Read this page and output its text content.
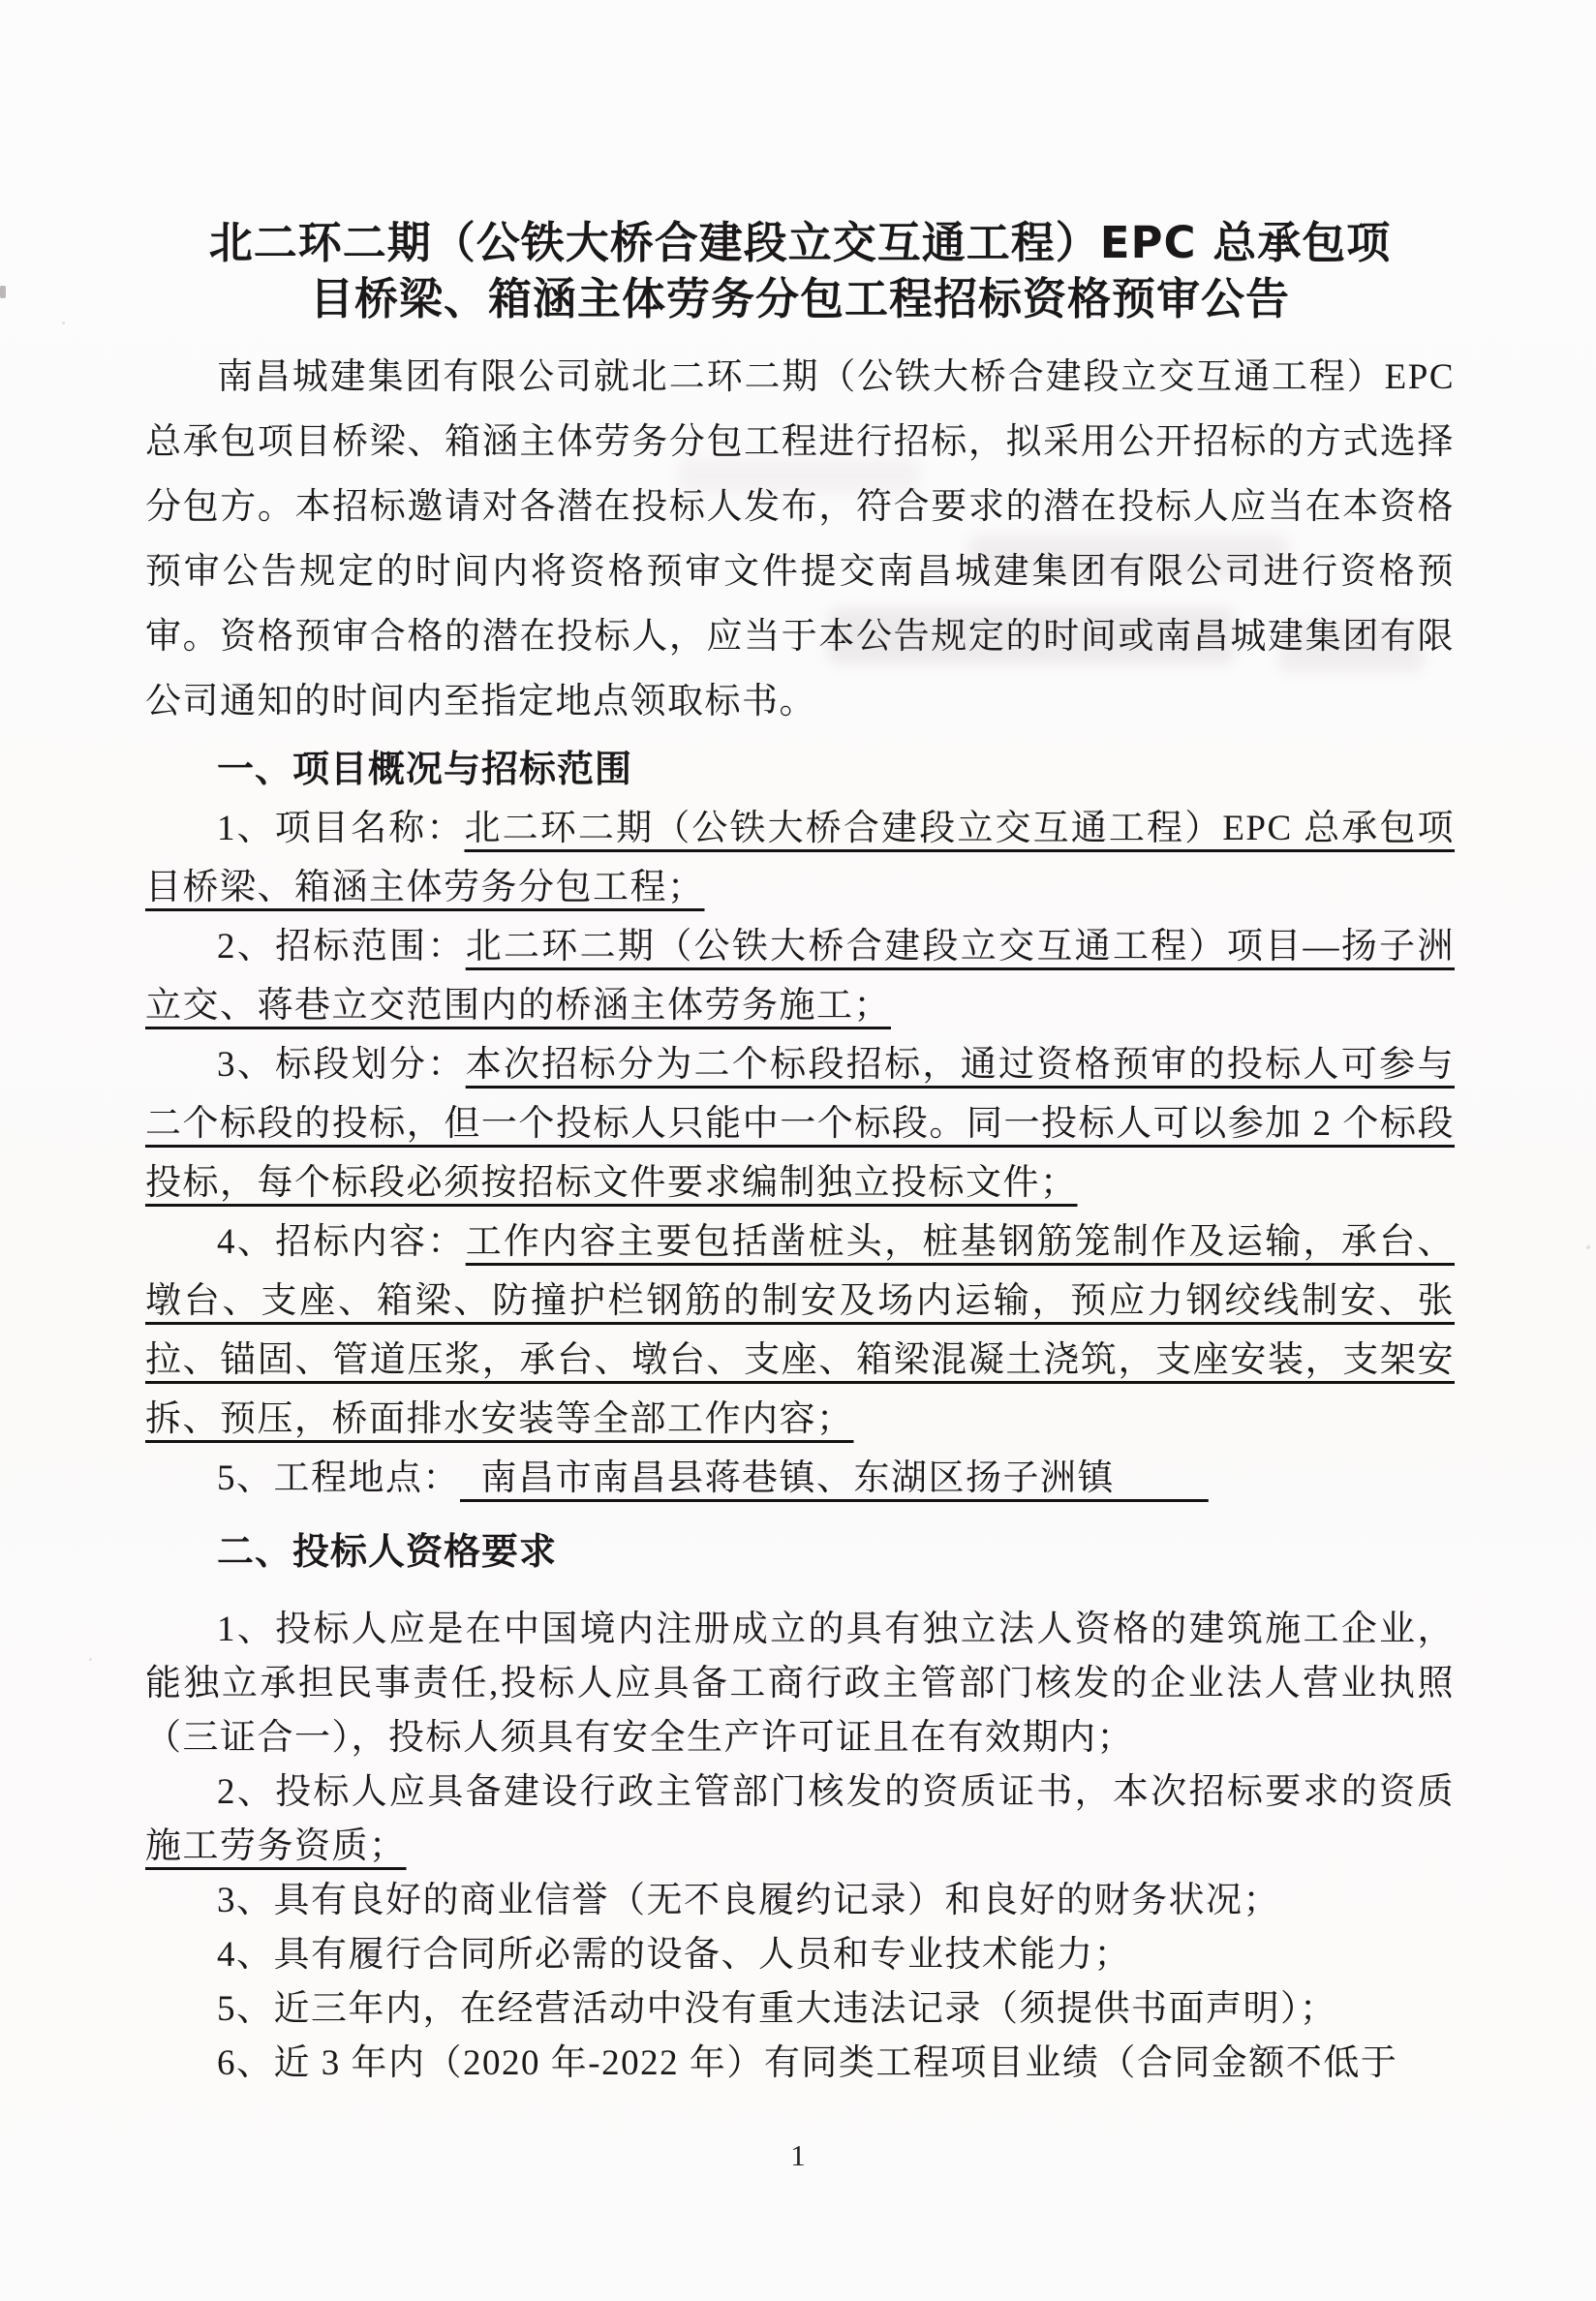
北二环二期（公铁大桥合建段立交互通工程）EPC 总承包项
目桥梁、箱涵主体劳务分包工程招标资格预审公告

南昌城建集团有限公司就北二环二期（公铁大桥合建段立交互通工程）EPC 总承包项目桥梁、箱涵主体劳务分包工程进行招标，拟采用公开招标的方式选择分包方。本招标邀请对各潜在投标人发布，符合要求的潜在投标人应当在本资格预审公告规定的时间内将资格预审文件提交南昌城建集团有限公司进行资格预审。资格预审合格的潜在投标人，应当于本公告规定的时间或南昌城建集团有限公司通知的时间内至指定地点领取标书。

一、项目概况与招标范围

1、项目名称：北二环二期（公铁大桥合建段立交互通工程）EPC 总承包项目桥梁、箱涵主体劳务分包工程；

2、招标范围：北二环二期（公铁大桥合建段立交互通工程）项目—扬子洲立交、蒋巷立交范围内的桥涵主体劳务施工；

3、标段划分：本次招标分为二个标段招标，通过资格预审的投标人可参与二个标段的投标，但一个投标人只能中一个标段。同一投标人可以参加 2 个标段投标，每个标段必须按招标文件要求编制独立投标文件；

4、招标内容：工作内容主要包括凿桩头，桩基钢筋笼制作及运输，承台、墩台、支座、箱梁、防撞护栏钢筋的制安及场内运输，预应力钢绞线制安、张拉、锚固、管道压浆，承台、墩台、支座、箱梁混凝土浇筑，支座安装，支架安拆、预压，桥面排水安装等全部工作内容；

5、工程地点：  南昌市南昌县蒋巷镇、东湖区扬子洲镇

二、投标人资格要求

1、投标人应是在中国境内注册成立的具有独立法人资格的建筑施工企业，能独立承担民事责任,投标人应具备工商行政主管部门核发的企业法人营业执照（三证合一），投标人须具有安全生产许可证且在有效期内；

2、投标人应具备建设行政主管部门核发的资质证书，本次招标要求的资质施工劳务资质；

3、具有良好的商业信誉（无不良履约记录）和良好的财务状况；

4、具有履行合同所必需的设备、人员和专业技术能力；

5、近三年内，在经营活动中没有重大违法记录（须提供书面声明）；

6、近 3 年内（2020 年-2022 年）有同类工程项目业绩（合同金额不低于

1
